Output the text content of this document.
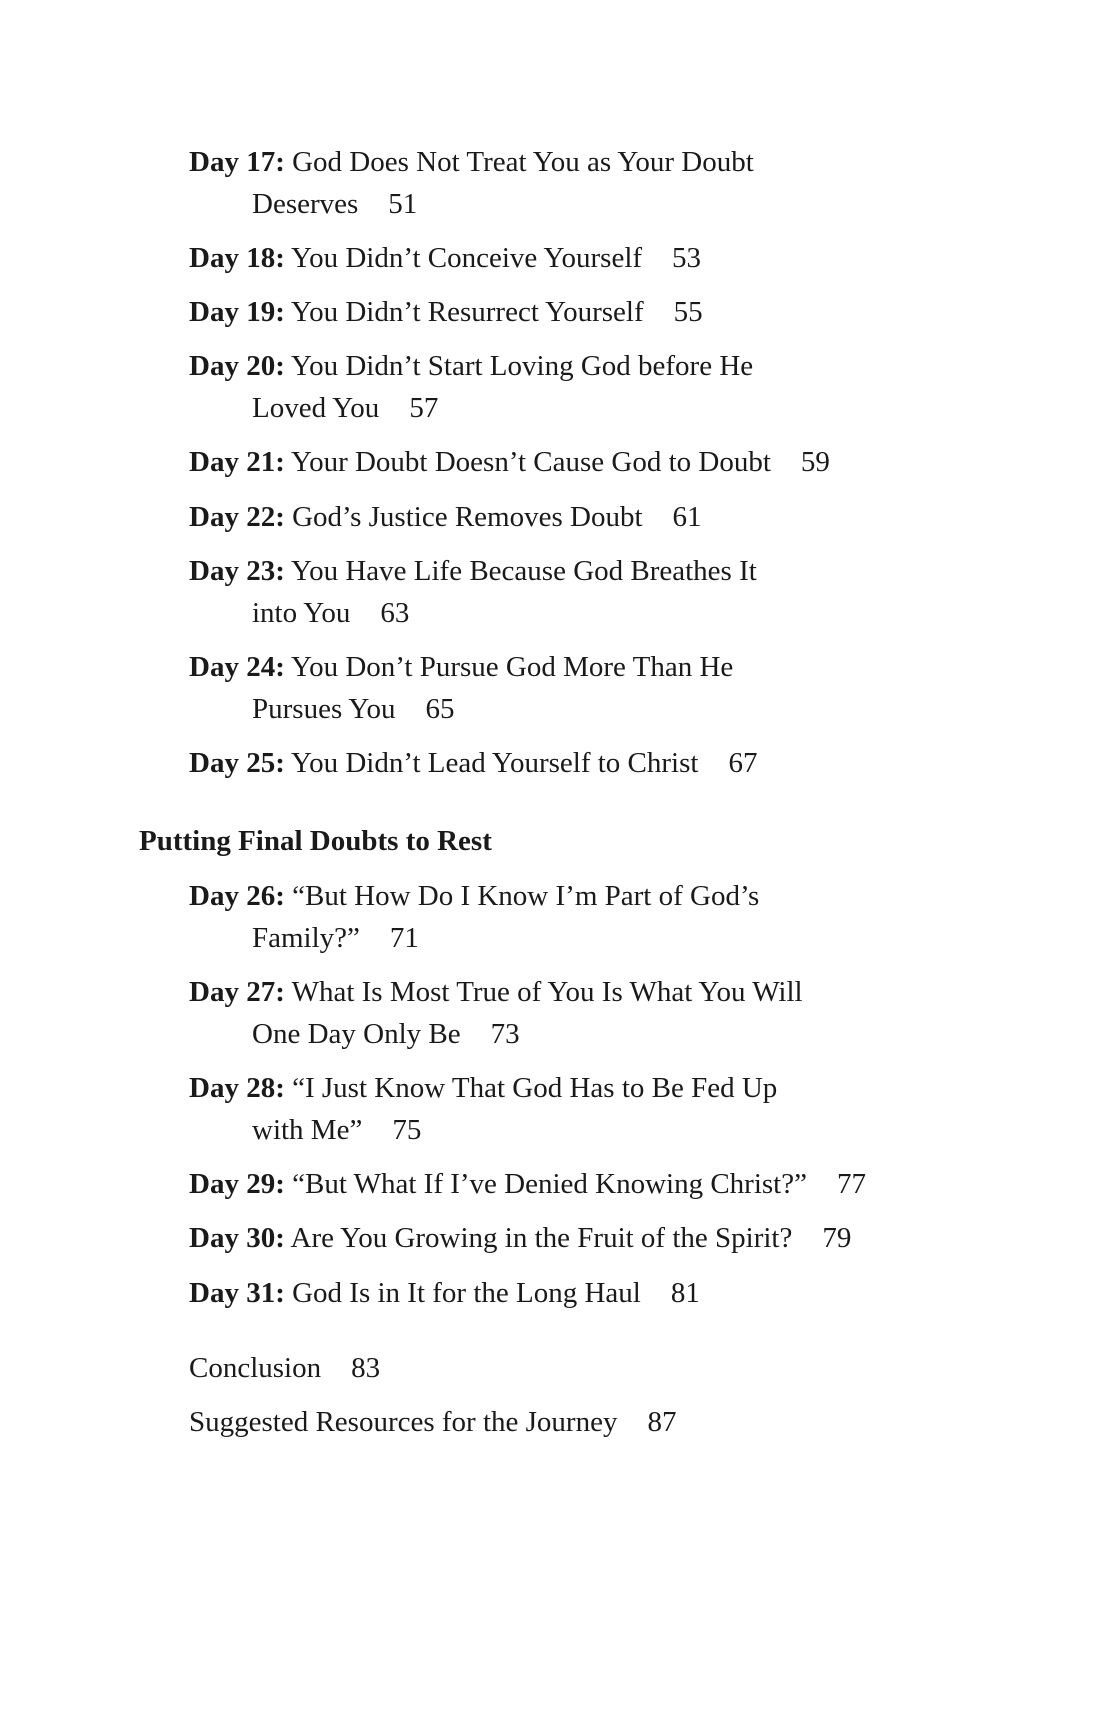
Day 17: God Does Not Treat You as Your Doubt
Deserves 51
Day 18: You Didn’t Conceive Yourself 53
Day 19: You Didn’t Resurrect Yourself 55
Day 20: You Didn’t Start Loving God before He
Loved You 57
Day 21: Your Doubt Doesn’t Cause God to Doubt 59
Day 22: God’s Justice Removes Doubt 61
Day 23: You Have Life Because God Breathes It
into You 63
Day 24: You Don’t Pursue God More Than He
Pursues You 65
Day 25: You Didn’t Lead Yourself to Christ 67
Putting Final Doubts to Rest
Day 26: “But How Do I Know I’m Part of God’s
Family?” 71
Day 27: What Is Most True of You Is What You Will
One Day Only Be 73
Day 28: “I Just Know That God Has to Be Fed Up
with Me” 75
Day 29: “But What If I’ve Denied Knowing Christ?” 77
Day 30: Are You Growing in the Fruit of the Spirit? 79
Day 31: God Is in It for the Long Haul 81
Conclusion 83
Suggested Resources for the Journey 87
